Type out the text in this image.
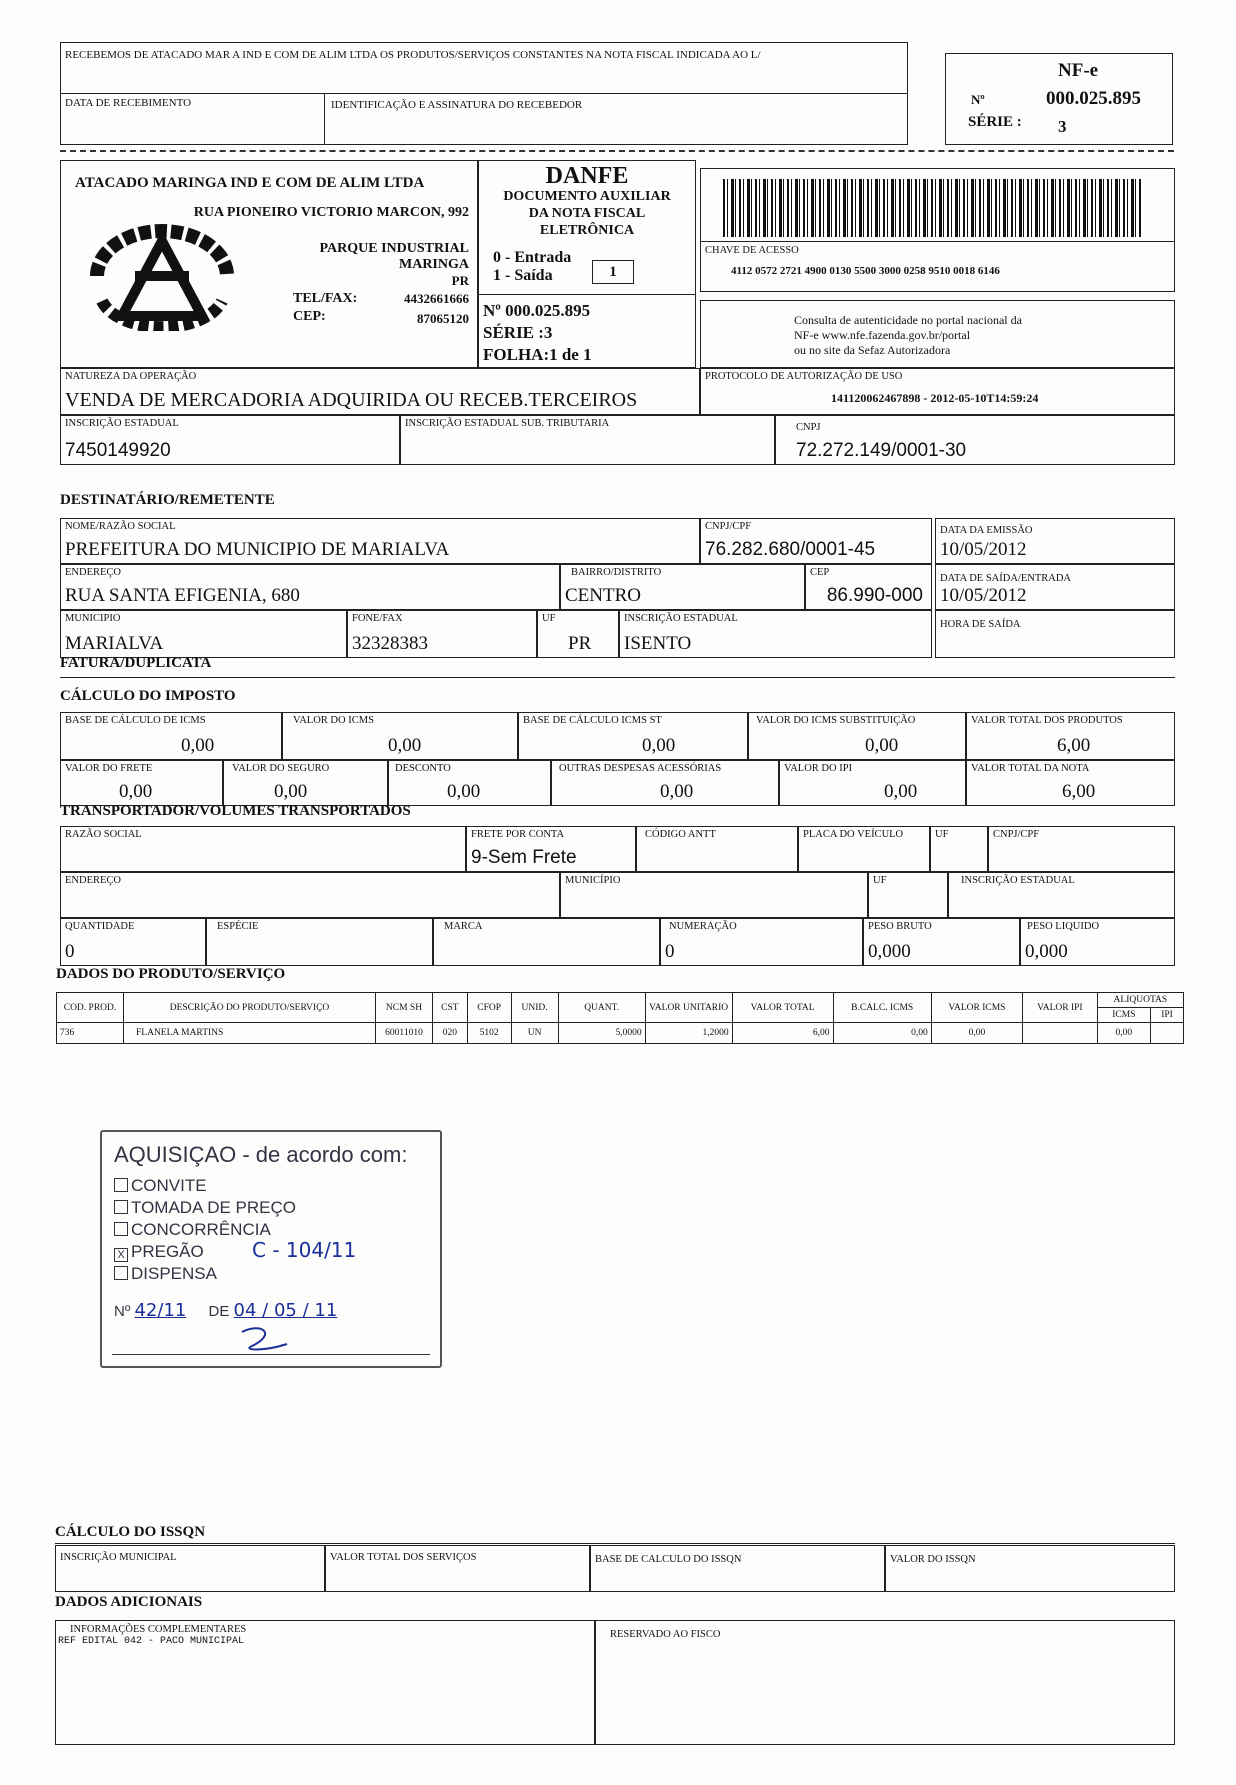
RECEBEMOS DE ATACADO MAR A IND E COM DE ALIM LTDA OS PRODUTOS/SERVIÇOS CONSTANTES NA NOTA FISCAL INDICADA AO L/
DATA DE RECEBIMENTO	IDENTIFICAÇÃO E ASSINATURA DO RECEBEDOR
NF-e
Nº	000.025.895
SÉRIE : 3
ATACADO MARINGA IND E COM DE ALIM LTDA
RUA PIONEIRO VICTORIO MARCON, 992
PARQUE INDUSTRIAL
MARINGA
PR
TEL/FAX:	4432661666
CEP:	87065120
DANFE
DOCUMENTO AUXILIAR
DA NOTA FISCAL
ELETRÔNICA
0 - Entrada
1 - Saída	1
Nº 000.025.895
SÉRIE :3
FOLHA:1 de 1
CHAVE DE ACESSO
4112 0572 2721 4900 0130 5500 3000 0258 9510 0018 6146
Consulta de autenticidade no portal nacional da
NF-e www.nfe.fazenda.gov.br/portal
ou no site da Sefaz Autorizadora
NATUREZA DA OPERAÇÃO
VENDA DE MERCADORIA ADQUIRIDA OU RECEB.TERCEIROS
PROTOCOLO DE AUTORIZAÇÃO DE USO
141120062467898 - 2012-05-10T14:59:24
INSCRIÇÃO ESTADUAL
7450149920
INSCRIÇÃO ESTADUAL SUB. TRIBUTARIA	CNPJ
72.272.149/0001-30
DESTINATÁRIO/REMETENTE
NOME/RAZÃO SOCIAL
PREFEITURA DO MUNICIPIO DE MARIALVA
CNPJ/CPF
76.282.680/0001-45
DATA DA EMISSÃO
10/05/2012
ENDEREÇO
RUA SANTA EFIGENIA, 680
BAIRRO/DISTRITO
CENTRO
CEP
86.990-000
DATA DE SAÍDA/ENTRADA
10/05/2012
MUNICIPIO
MARIALVA
FONE/FAX
32328383
UF
PR
INSCRIÇÃO ESTADUAL
ISENTO
HORA DE SAÍDA
FATURA/DUPLICATA
CÁLCULO DO IMPOSTO
BASE DE CÁLCULO DE ICMS
0,00
VALOR DO ICMS
0,00
BASE DE CÁLCULO ICMS ST
0,00
VALOR DO ICMS SUBSTITUIÇÃO
0,00
VALOR TOTAL DOS PRODUTOS
6,00
VALOR DO FRETE
0,00
VALOR DO SEGURO
0,00
DESCONTO
0,00
OUTRAS DESPESAS ACESSÓRIAS
0,00
VALOR DO IPI
0,00
VALOR TOTAL DA NOTA
6,00
TRANSPORTADOR/VOLUMES TRANSPORTADOS
RAZÃO SOCIAL	FRETE POR CONTA
9-Sem Frete
CÓDIGO ANTT	PLACA DO VEÍCULO	UF	CNPJ/CPF
ENDEREÇO	MUNICÍPIO	UF	INSCRIÇÃO ESTADUAL
QUANTIDADE
0
ESPÉCIE	MARCA	NUMERAÇÃO
0
PESO BRUTO
0,000
PESO LIQUIDO
0,000
DADOS DO PRODUTO/SERVIÇO
COD. PROD.	DESCRIÇÃO DO PRODUTO/SERVIÇO	NCM SH	CST	CFOP	UNID.	QUANT.	VALOR UNITARIO	VALOR TOTAL	B.CALC. ICMS	VALOR ICMS	VALOR IPI	ALIQUOTAS	
												ICMS	IPI
736	FLANELA MARTINS	60011010	020	5102	UN	5,0000	1,2000	6,00	0,00	0,00		0,00	
AQUISIÇAO - de acordo com:
CONVITE
TOMADA DE PREÇO
CONCORRÊNCIA
X PREGÃO C - 104/11
DISPENSA
Nº 42/11 DE 04 / 05 / 11
CÁLCULO DO ISSQN
INSCRIÇÃO MUNICIPAL	VALOR TOTAL DOS SERVIÇOS	BASE DE CALCULO DO ISSQN	VALOR DO ISSQN
DADOS ADICIONAIS
INFORMAÇÕES COMPLEMENTARES
REF EDITAL 042 - PACO MUNICIPAL
RESERVADO AO FISCO
